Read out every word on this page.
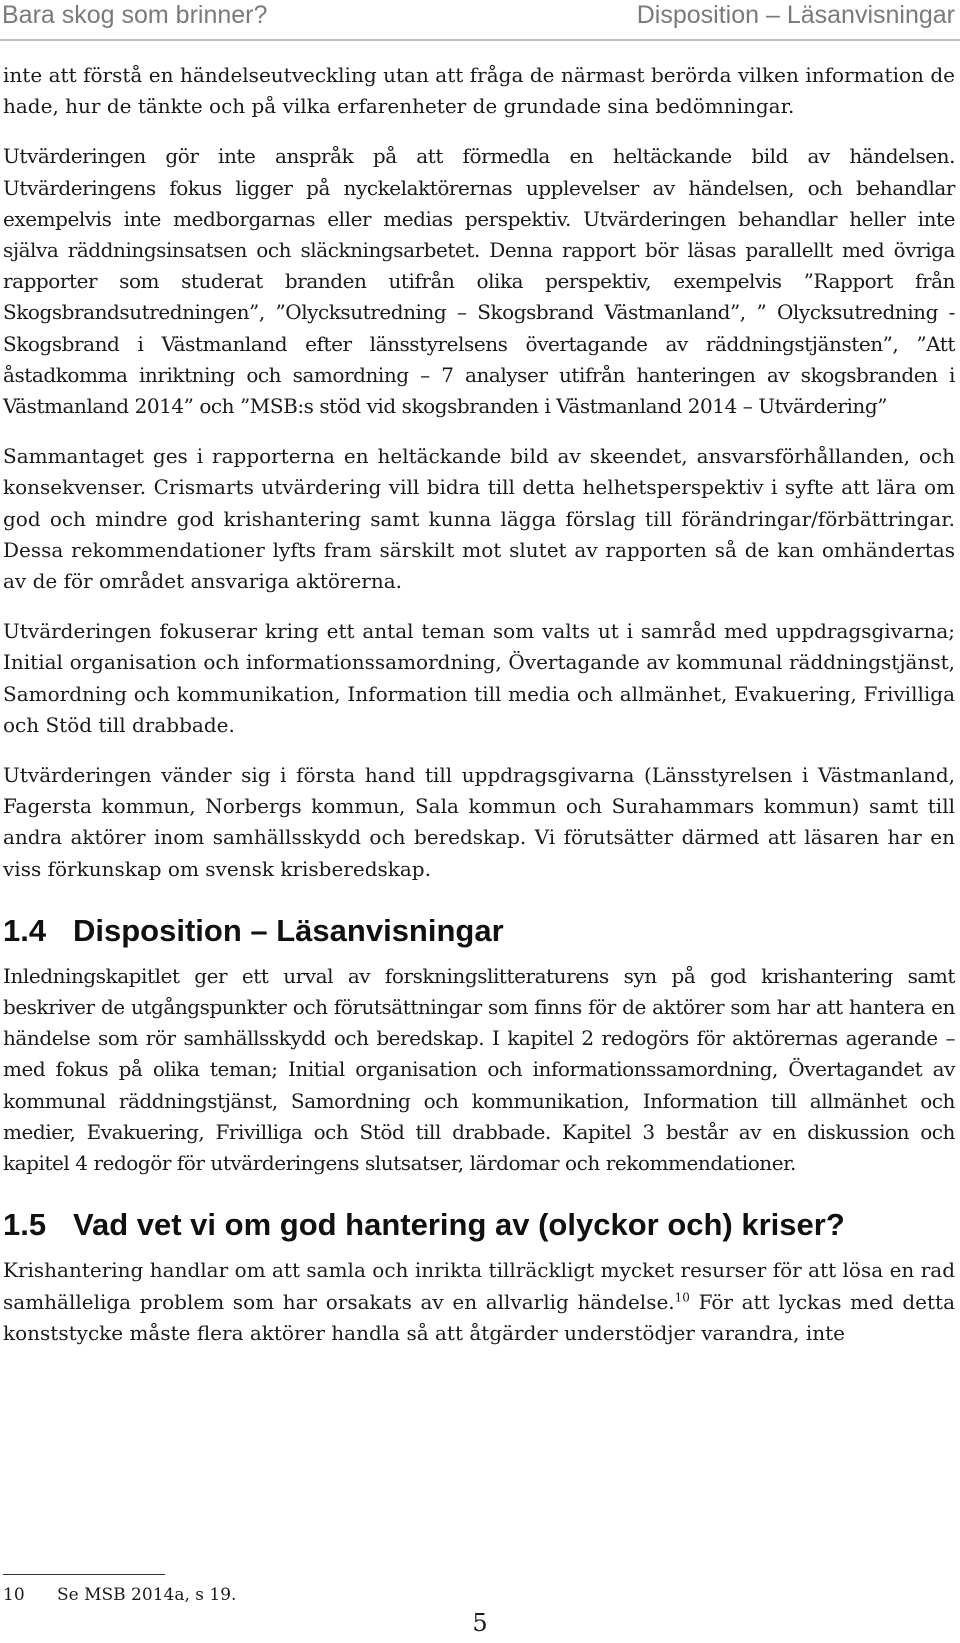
Bara skog som brinner?	Disposition – Läsanvisningar

inte att förstå en händelseutveckling utan att fråga de närmast berörda vilken information de hade, hur de tänkte och på vilka erfarenheter de grundade sina bedömningar.

Utvärderingen gör inte anspråk på att förmedla en heltäckande bild av händelsen. Utvärderingens fokus ligger på nyckelaktörernas upplevelser av händelsen, och behandlar exempelvis inte medborgarnas eller medias perspektiv. Utvärderingen behandlar heller inte själva räddningsinsatsen och släckningsarbetet. Denna rapport bör läsas parallellt med övriga rapporter som studerat branden utifrån olika perspektiv, exempelvis ”Rapport från Skogsbrandsutredningen”, ”Olycksutredning – Skogsbrand Västmanland”, ” Olycksutredning - Skogsbrand i Västmanland efter länsstyrelsens övertagande av räddningstjänsten”, ”Att åstadkomma inriktning och samordning – 7 analyser utifrån hanteringen av skogsbranden i Västmanland 2014” och ”MSB:s stöd vid skogsbranden i Västmanland 2014 – Utvärdering”

Sammantaget ges i rapporterna en heltäckande bild av skeendet, ansvarsförhållanden, och konsekvenser. Crismarts utvärdering vill bidra till detta helhetsperspektiv i syfte att lära om god och mindre god krishantering samt kunna lägga förslag till förändringar/förbättringar. Dessa rekommendationer lyfts fram särskilt mot slutet av rapporten så de kan omhändertas av de för området ansvariga aktörerna.

Utvärderingen fokuserar kring ett antal teman som valts ut i samråd med uppdragsgivarna; Initial organisation och informationssamordning, Övertagande av kommunal räddningstjänst, Samordning och kommunikation, Information till media och allmänhet, Evakuering, Frivilliga och Stöd till drabbade.

Utvärderingen vänder sig i första hand till uppdragsgivarna (Länsstyrelsen i Västmanland, Fagersta kommun, Norbergs kommun, Sala kommun och Surahammars kommun) samt till andra aktörer inom samhällsskydd och beredskap. Vi förutsätter därmed att läsaren har en viss förkunskap om svensk krisberedskap.

1.4 Disposition – Läsanvisningar

Inledningskapitlet ger ett urval av forskningslitteraturens syn på god krishantering samt beskriver de utgångspunkter och förutsättningar som finns för de aktörer som har att hantera en händelse som rör samhällsskydd och beredskap. I kapitel 2 redogörs för aktörernas agerande – med fokus på olika teman; Initial organisation och informationssamordning, Övertagandet av kommunal räddningstjänst, Samordning och kommunikation, Information till allmänhet och medier, Evakuering, Frivilliga och Stöd till drabbade. Kapitel 3 består av en diskussion och kapitel 4 redogör för utvärderingens slutsatser, lärdomar och rekommendationer.

1.5 Vad vet vi om god hantering av (olyckor och) kriser?

Krishantering handlar om att samla och inrikta tillräckligt mycket resurser för att lösa en rad samhälleliga problem som har orsakats av en allvarlig händelse.$^{10}$ För att lyckas med detta konststycke måste flera aktörer handla så att åtgärder understödjer varandra, inte

10 Se MSB 2014a, s 19.
5
